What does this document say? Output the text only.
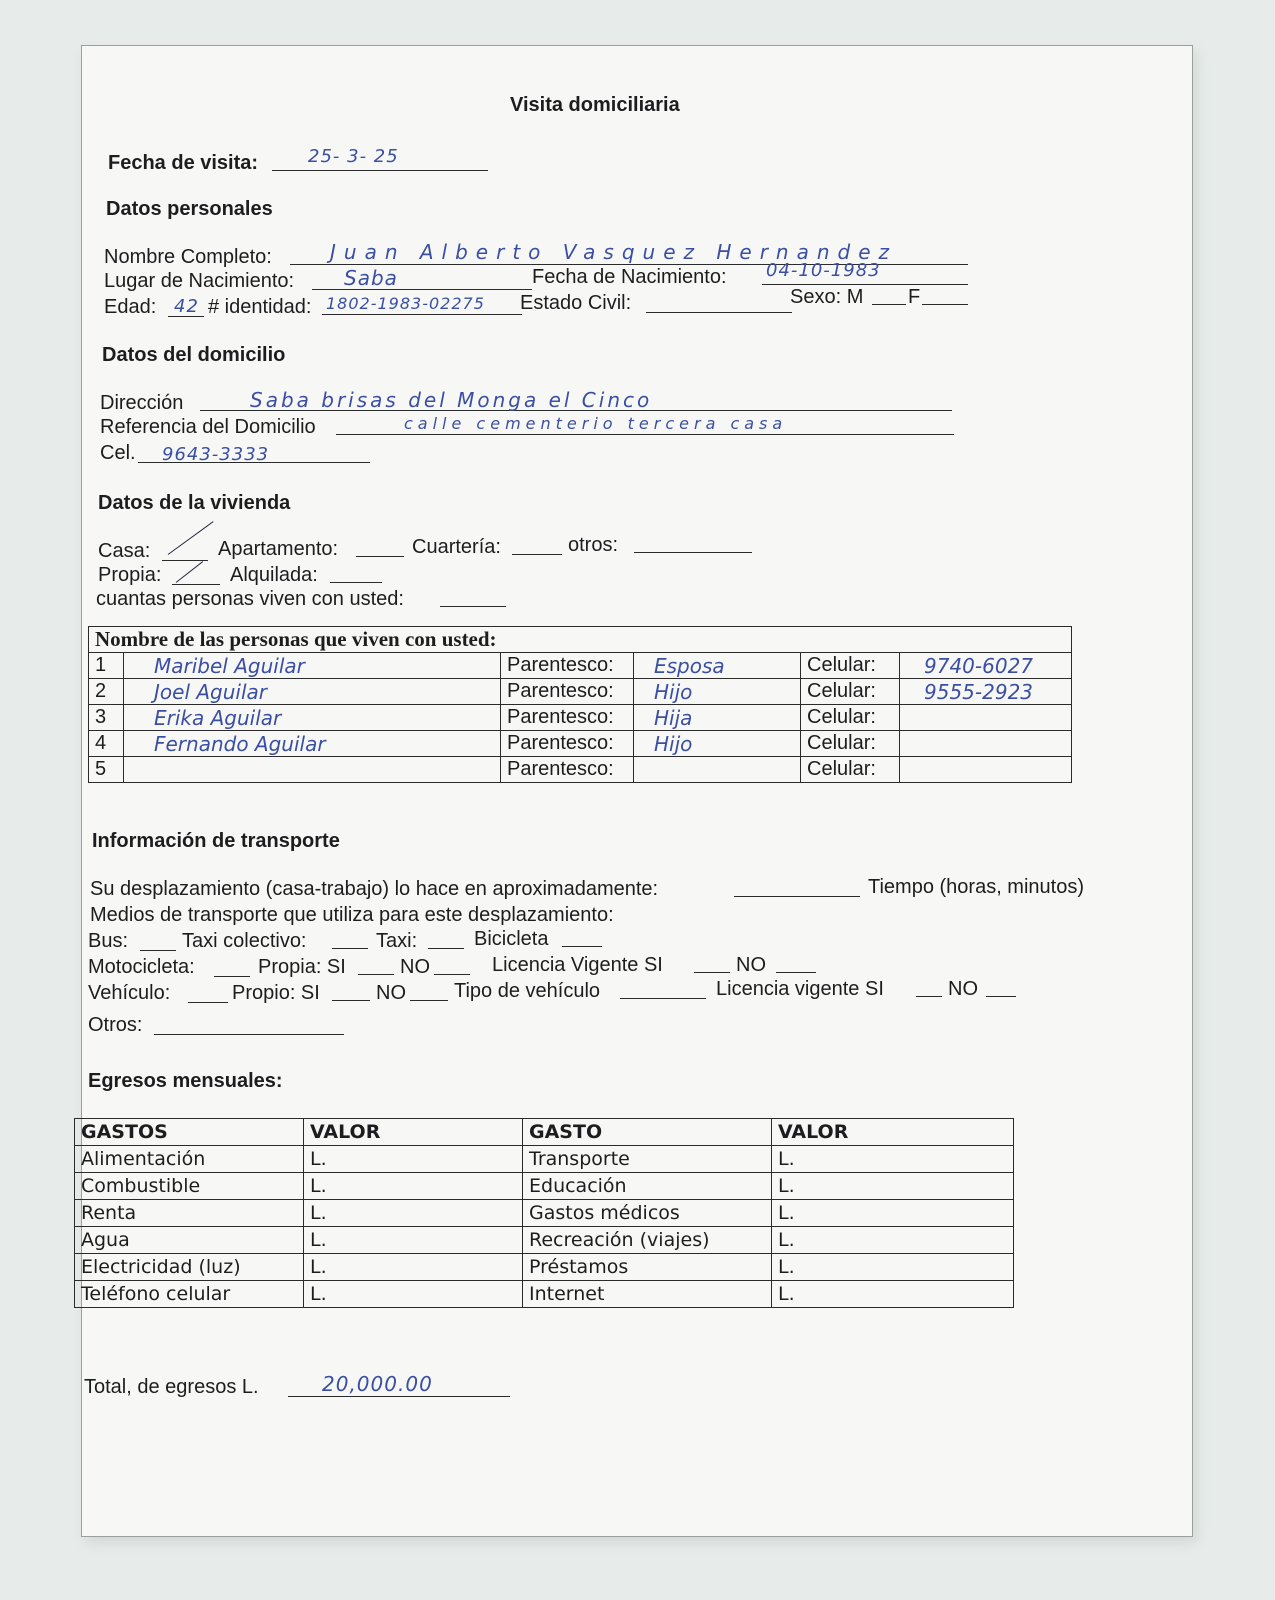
Visita domiciliaria
Fecha de visita:	25- 3- 25
Datos personales
Nombre Completo:	Juan Alberto Vasquez Hernandez
Lugar de Nacimiento: Saba	Fecha de Nacimiento: 04-10-1983
Edad: 42 # identidad: 1802-1983-02275 Estado Civil:	Sexo: M F
Datos del domicilio
Dirección	Saba brisas del Monga el Cinco
Referencia del Domicilio	calle cementerio tercera casa
Cel. 9643-3333
Datos de la vivienda
Casa:	Apartamento:	Cuartería:	otros:
Propia:	Alquilada:
cuantas personas viven con usted:
Nombre de las personas que viven con usted:					
1	Maribel Aguilar	Parentesco:	Esposa	Celular:	9740-6027
2	Joel Aguilar	Parentesco:	Hijo	Celular:	9555-2923
3	Erika Aguilar	Parentesco:	Hija	Celular:	
4	Fernando Aguilar	Parentesco:	Hijo	Celular:	
5		Parentesco:		Celular:	
Información de transporte
Su desplazamiento (casa-trabajo) lo hace en aproximadamente:	Tiempo (horas, minutos)
Medios de transporte que utiliza para este desplazamiento:
Bus:	Taxi colectivo:	Taxi:	Bicicleta
Motocicleta:	Propia: SI	NO	Licencia Vigente SI	NO
Vehículo:	Propio: SI	NO Tipo de vehículo	Licencia vigente SI	NO
Otros:
Egresos mensuales:
GASTOS	VALOR	GASTO	VALOR
Alimentación	L.	Transporte	L.
Combustible	L.	Educación	L.
Renta	L.	Gastos médicos	L.
Agua	L.	Recreación (viajes)	L.
Electricidad (luz)	L.	Préstamos	L.
Teléfono celular	L.	Internet	L.
Total, de egresos L.	20,000.00
